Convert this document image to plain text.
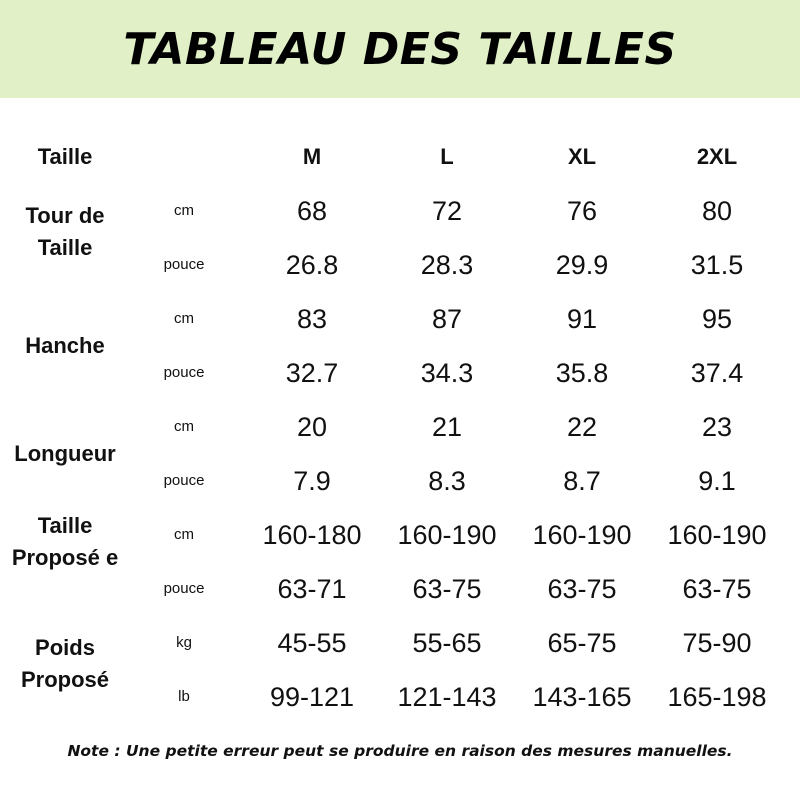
TABLEAU DES TAILLES
Taille	M	L	XL	2XL
Tour de Taille
cm	68	72	76	80
pouce	26.8	28.3	29.9	31.5
Hanche
cm	83	87	91	95
pouce	32.7	34.3	35.8	37.4
Longueur
cm	20	21	22	23
pouce	7.9	8.3	8.7	9.1
Taille Proposé e
cm	160-180	160-190	160-190	160-190
pouce	63-71	63-75	63-75	63-75
Poids Proposé
kg	45-55	55-65	65-75	75-90
lb	99-121	121-143	143-165	165-198
Note : Une petite erreur peut se produire en raison des mesures manuelles.
